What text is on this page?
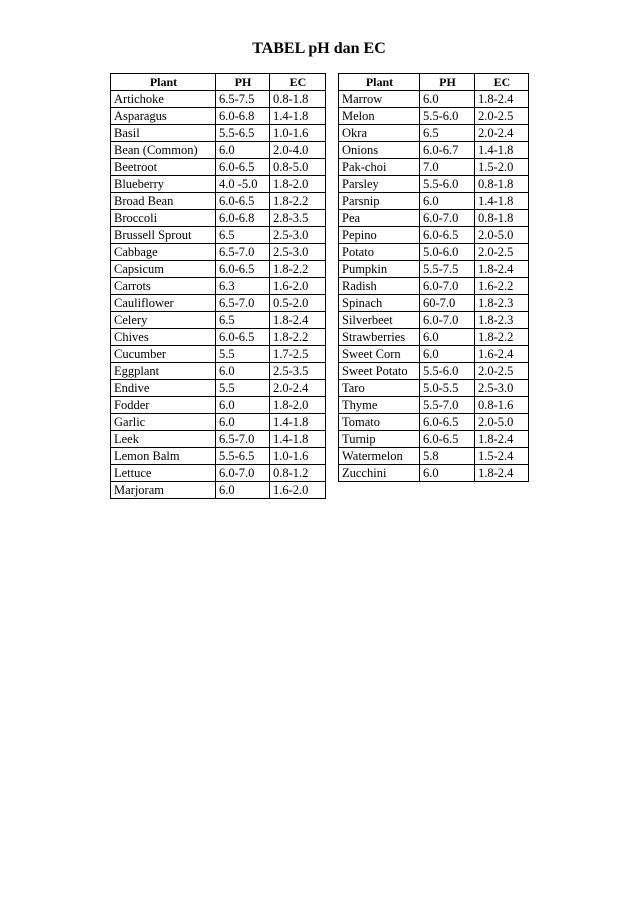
TABEL pH dan EC
Plant	PH	EC
Artichoke	6.5-7.5	0.8-1.8
Asparagus	6.0-6.8	1.4-1.8
Basil	5.5-6.5	1.0-1.6
Bean (Common)	6.0	2.0-4.0
Beetroot	6.0-6.5	0.8-5.0
Blueberry	4.0 -5.0	1.8-2.0
Broad Bean	6.0-6.5	1.8-2.2
Broccoli	6.0-6.8	2.8-3.5
Brussell Sprout	6.5	2.5-3.0
Cabbage	6.5-7.0	2.5-3.0
Capsicum	6.0-6.5	1.8-2.2
Carrots	6.3	1.6-2.0
Cauliflower	6.5-7.0	0.5-2.0
Celery	6.5	1.8-2.4
Chives	6.0-6.5	1.8-2.2
Cucumber	5.5	1.7-2.5
Eggplant	6.0	2.5-3.5
Endive	5.5	2.0-2.4
Fodder	6.0	1.8-2.0
Garlic	6.0	1.4-1.8
Leek	6.5-7.0	1.4-1.8
Lemon Balm	5.5-6.5	1.0-1.6
Lettuce	6.0-7.0	0.8-1.2
Marjoram	6.0	1.6-2.0
Plant	PH	EC
Marrow	6.0	1.8-2.4
Melon	5.5-6.0	2.0-2.5
Okra	6.5	2.0-2.4
Onions	6.0-6.7	1.4-1.8
Pak-choi	7.0	1.5-2.0
Parsley	5.5-6.0	0.8-1.8
Parsnip	6.0	1.4-1.8
Pea	6.0-7.0	0.8-1.8
Pepino	6.0-6.5	2.0-5.0
Potato	5.0-6.0	2.0-2.5
Pumpkin	5.5-7.5	1.8-2.4
Radish	6.0-7.0	1.6-2.2
Spinach	60-7.0	1.8-2.3
Silverbeet	6.0-7.0	1.8-2.3
Strawberries	6.0	1.8-2.2
Sweet Corn	6.0	1.6-2.4
Sweet Potato	5.5-6.0	2.0-2.5
Taro	5.0-5.5	2.5-3.0
Thyme	5.5-7.0	0.8-1.6
Tomato	6.0-6.5	2.0-5.0
Turnip	6.0-6.5	1.8-2.4
Watermelon	5.8	1.5-2.4
Zucchini	6.0	1.8-2.4
